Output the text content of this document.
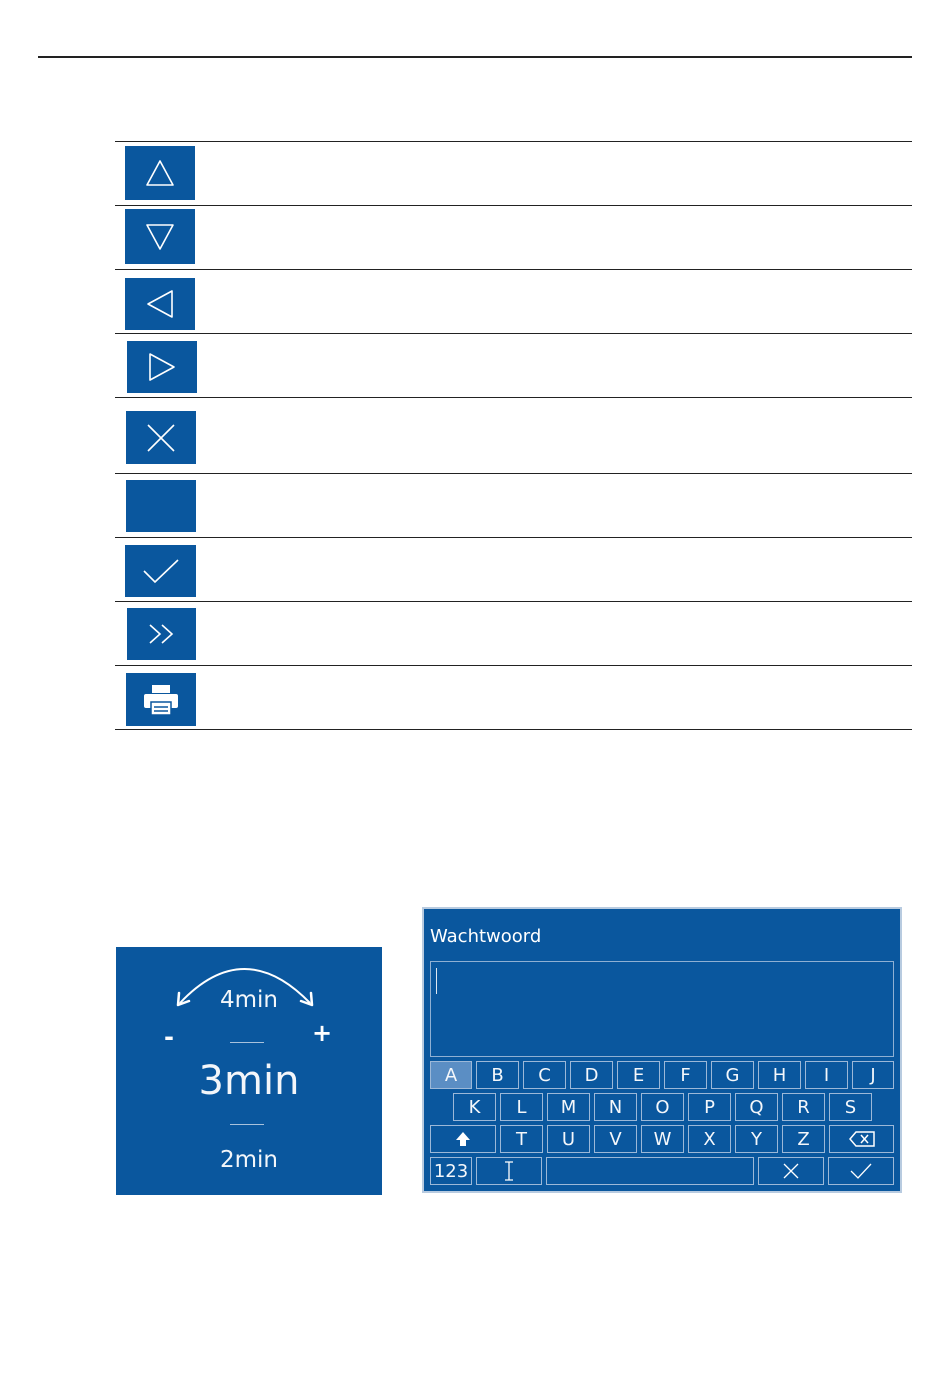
4min
-	+
3min
2min
Wachtwoord
A	B	C	D	E	F	G	H	I	J
K	L	M	N	O	P	Q	R	S
T	U	V	W	X	Y	Z
123
